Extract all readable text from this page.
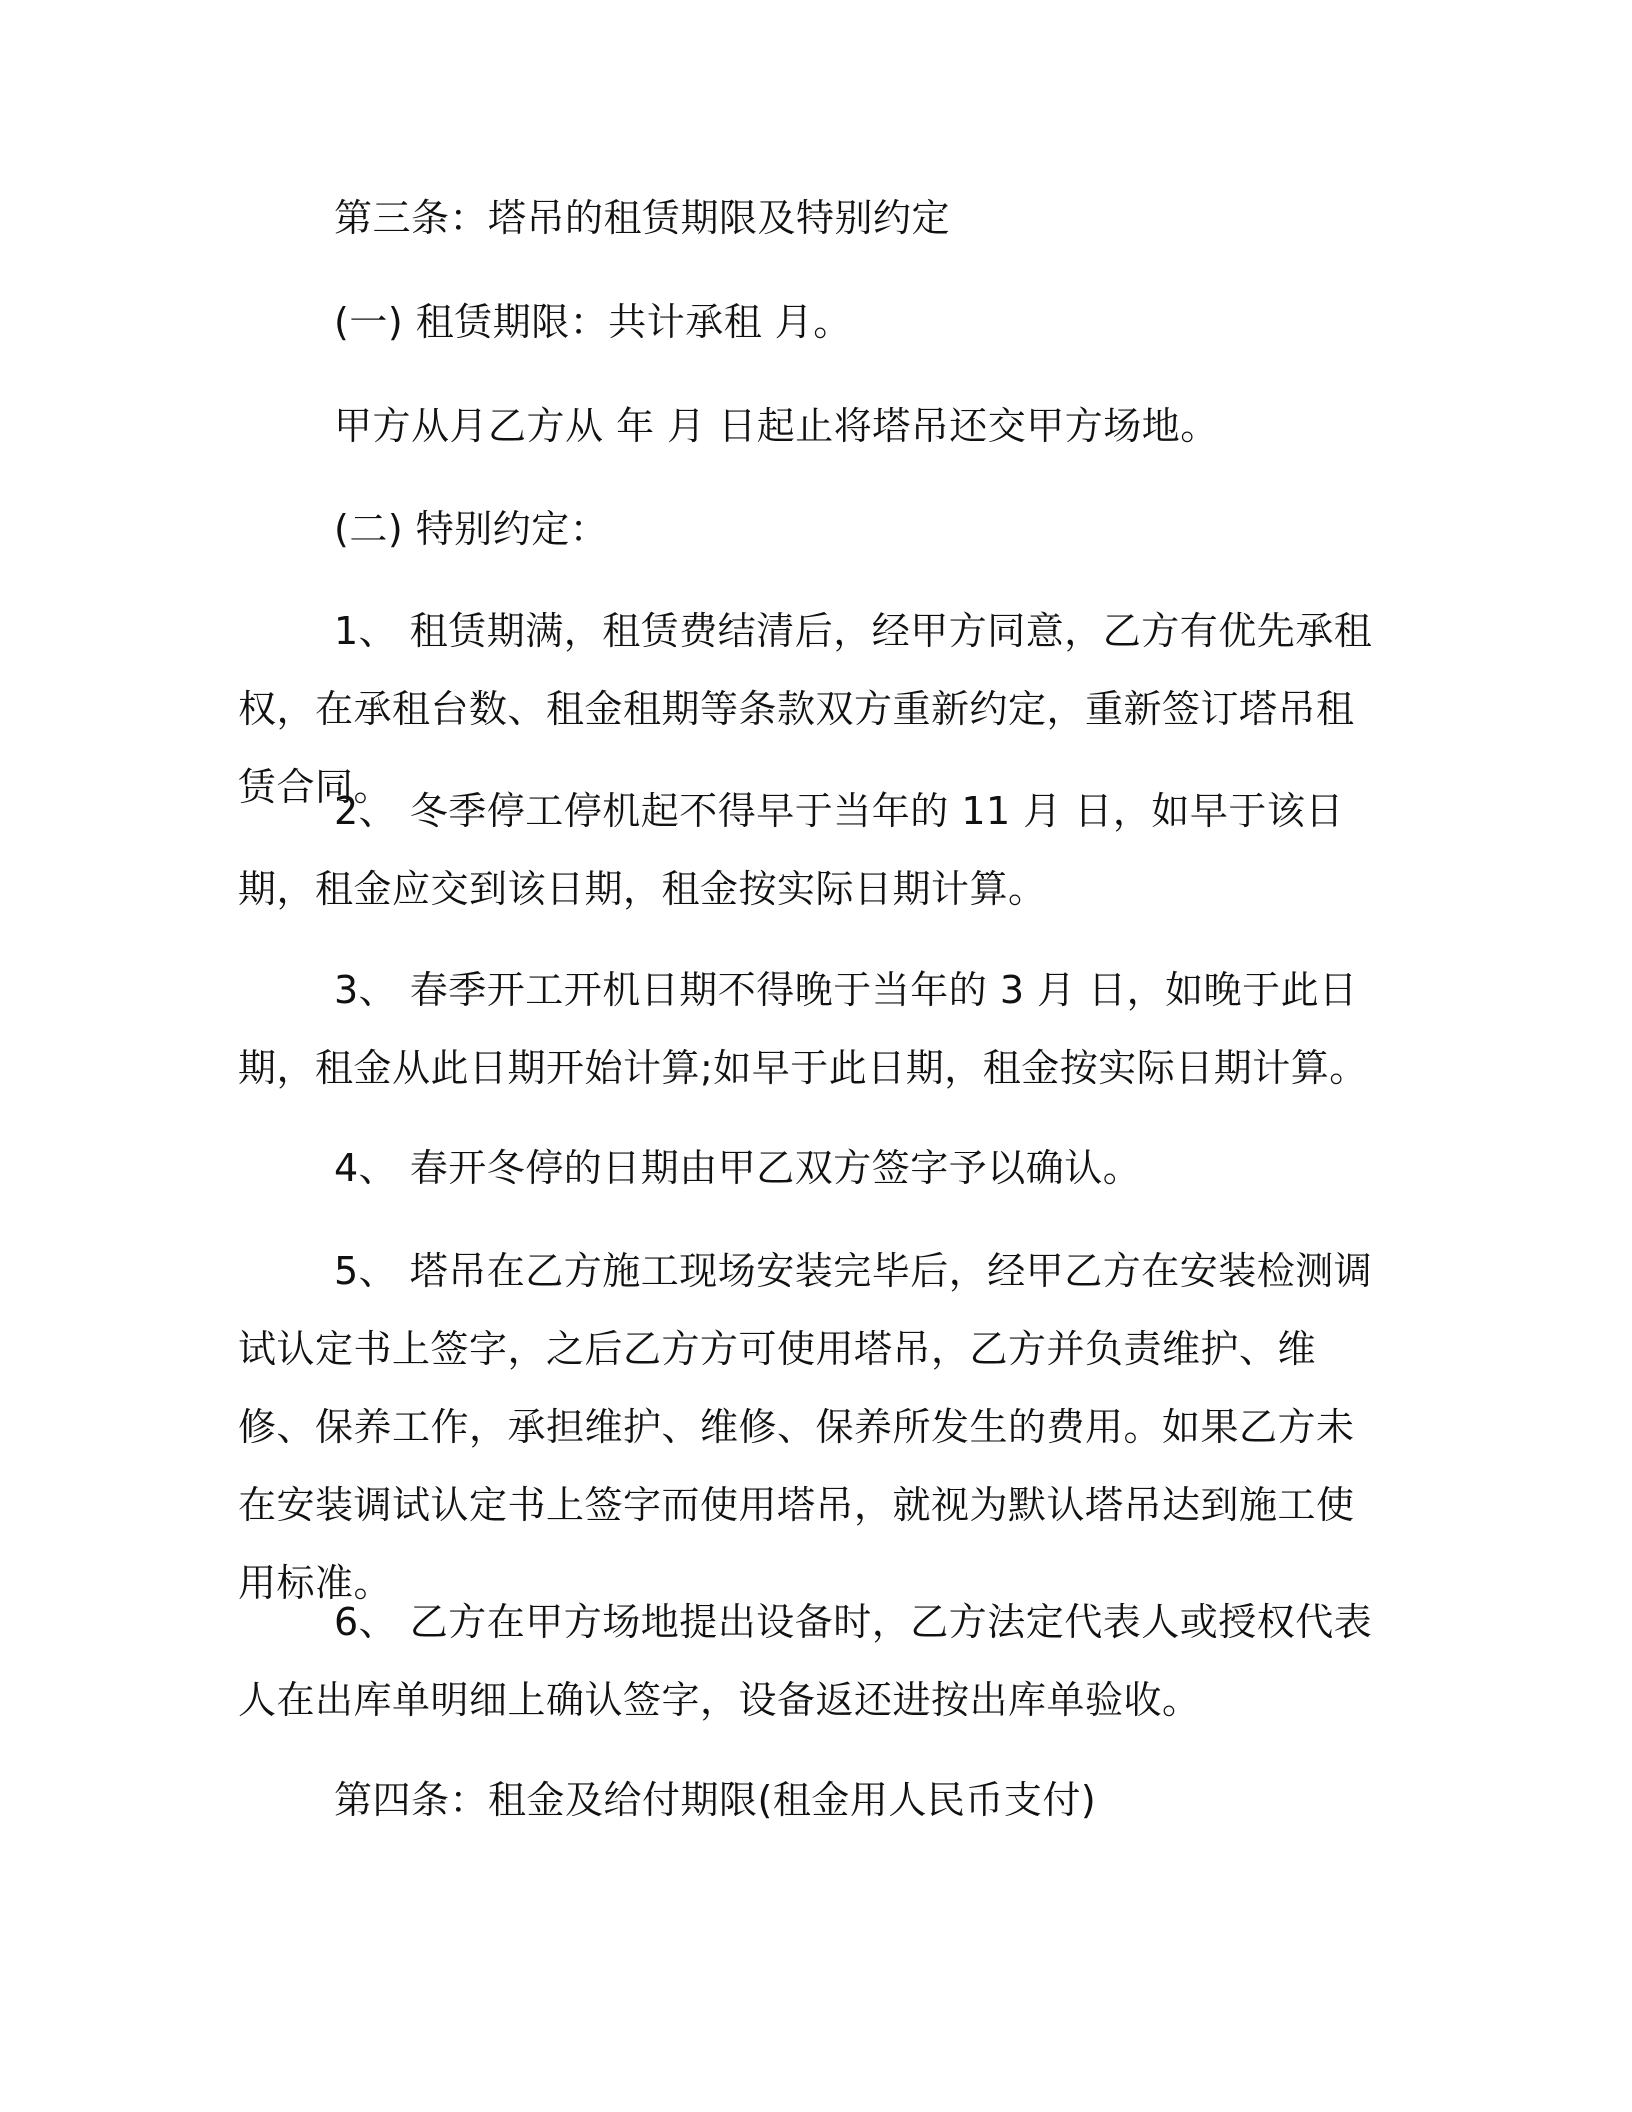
第三条：塔吊的租赁期限及特别约定

(一) 租赁期限：共计承租 月。

甲方从月乙方从 年 月 日起止将塔吊还交甲方场地。

(二) 特别约定：

1、 租赁期满，租赁费结清后，经甲方同意，乙方有优先承租权，在承租台数、租金租期等条款双方重新约定，重新签订塔吊租赁合同。

2、 冬季停工停机起不得早于当年的 11 月 日，如早于该日期，租金应交到该日期，租金按实际日期计算。

3、 春季开工开机日期不得晚于当年的 3 月 日，如晚于此日期，租金从此日期开始计算;如早于此日期，租金按实际日期计算。

4、 春开冬停的日期由甲乙双方签字予以确认。

5、 塔吊在乙方施工现场安装完毕后，经甲乙方在安装检测调试认定书上签字，之后乙方方可使用塔吊，乙方并负责维护、维修、保养工作，承担维护、维修、保养所发生的费用。如果乙方未在安装调试认定书上签字而使用塔吊，就视为默认塔吊达到施工使用标准。

6、 乙方在甲方场地提出设备时，乙方法定代表人或授权代表人在出库单明细上确认签字，设备返还进按出库单验收。

第四条：租金及给付期限(租金用人民币支付)
